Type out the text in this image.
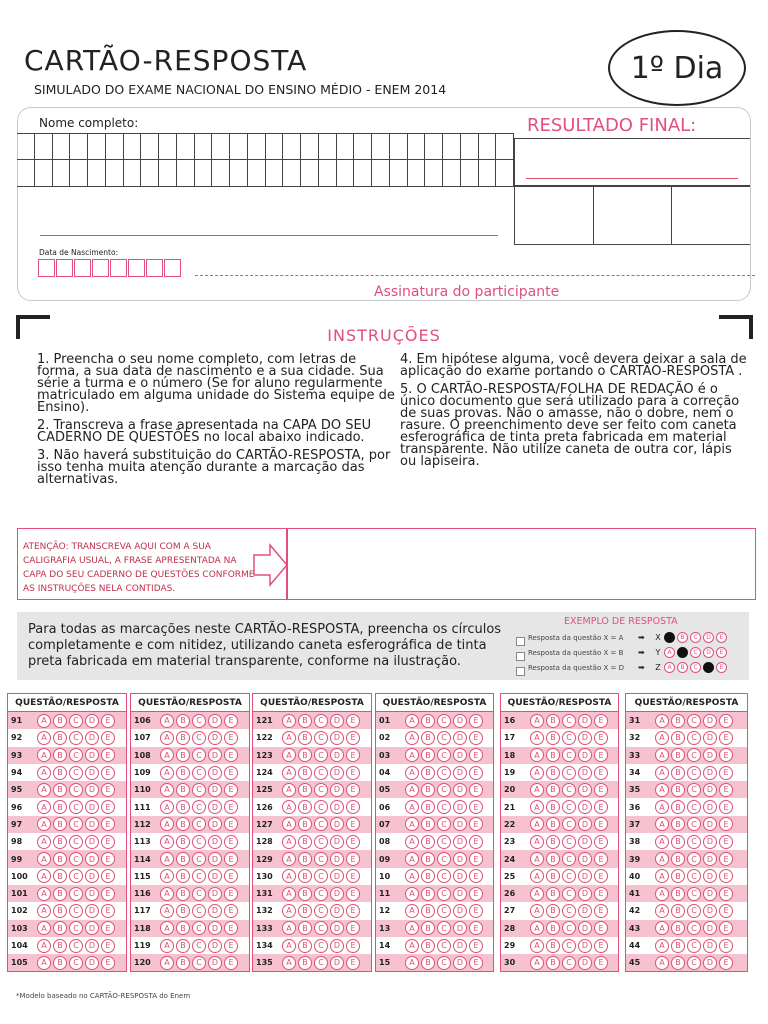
CARTÃO-RESPOSTA
SIMULADO DO EXAME NACIONAL DO ENSINO MÉDIO - ENEM 2014
1º Dia
Nome completo:
Data de Nascimento:
Assinatura do participante
RESULTADO FINAL:
INSTRUÇÕES

1. Preencha o seu nome completo, com letras de forma, a sua data de nascimento e a sua cidade. Sua série a turma e o número (Se for aluno regularmente matriculado em alguma unidade do Sistema equipe de Ensino).

2. Transcreva a frase apresentada na CAPA DO SEU CADERNO DE QUESTÕES no local abaixo indicado.

3. Não haverá substituição do CARTÃO-RESPOSTA, por isso tenha muita atenção durante a marcação das alternativas.

4. Em hipótese alguma, você devera deixar a sala de aplicação do exame portando o CARTÃO-RESPOSTA .

5. O CARTÃO-RESPOSTA/FOLHA DE REDAÇÃO é o único documento que será utilizado para a correção de suas provas. Não o amasse, não o dobre, nem o rasure. O preenchimento deve ser feito com caneta esferográfica de tinta preta fabricada em material transparente. Não utilize caneta de outra cor, lápis ou lapiseira.

ATENÇÃO: TRANSCREVA AQUI COM A SUA CALIGRAFIA USUAL, A FRASE APRESENTADA NA CAPA DO SEU CADERNO DE QUESTÕES CONFORME AS INSTRUÇÕES NELA CONTIDAS.
Para todas as marcações neste CARTÃO-RESPOSTA, preencha os círculos completamente e com nitidez, utilizando caneta esferográfica de tinta preta fabricada em material transparente, conforme na ilustração.
EXEMPLO DE RESPOSTA
Resposta da questão X = A	➡	X	A	B	C	D	E
Resposta da questão X = B	➡	Y	A	B	C	D	E
Resposta da questão X = D	➡	Z	A	B	C	D	E
QUESTÃO/RESPOSTA
91	A	B	C	D	E
92	A	B	C	D	E
93	A	B	C	D	E
94	A	B	C	D	E
95	A	B	C	D	E
96	A	B	C	D	E
97	A	B	C	D	E
98	A	B	C	D	E
99	A	B	C	D	E
100	A	B	C	D	E
101	A	B	C	D	E
102	A	B	C	D	E
103	A	B	C	D	E
104	A	B	C	D	E
105	A	B	C	D	E
QUESTÃO/RESPOSTA
106	A	B	C	D	E
107	A	B	C	D	E
108	A	B	C	D	E
109	A	B	C	D	E
110	A	B	C	D	E
111	A	B	C	D	E
112	A	B	C	D	E
113	A	B	C	D	E
114	A	B	C	D	E
115	A	B	C	D	E
116	A	B	C	D	E
117	A	B	C	D	E
118	A	B	C	D	E
119	A	B	C	D	E
120	A	B	C	D	E
QUESTÃO/RESPOSTA
121	A	B	C	D	E
122	A	B	C	D	E
123	A	B	C	D	E
124	A	B	C	D	E
125	A	B	C	D	E
126	A	B	C	D	E
127	A	B	C	D	E
128	A	B	C	D	E
129	A	B	C	D	E
130	A	B	C	D	E
131	A	B	C	D	E
132	A	B	C	D	E
133	A	B	C	D	E
134	A	B	C	D	E
135	A	B	C	D	E
QUESTÃO/RESPOSTA
01	A	B	C	D	E
02	A	B	C	D	E
03	A	B	C	D	E
04	A	B	C	D	E
05	A	B	C	D	E
06	A	B	C	D	E
07	A	B	C	D	E
08	A	B	C	D	E
09	A	B	C	D	E
10	A	B	C	D	E
11	A	B	C	D	E
12	A	B	C	D	E
13	A	B	C	D	E
14	A	B	C	D	E
15	A	B	C	D	E
QUESTÃO/RESPOSTA
16	A	B	C	D	E
17	A	B	C	D	E
18	A	B	C	D	E
19	A	B	C	D	E
20	A	B	C	D	E
21	A	B	C	D	E
22	A	B	C	D	E
23	A	B	C	D	E
24	A	B	C	D	E
25	A	B	C	D	E
26	A	B	C	D	E
27	A	B	C	D	E
28	A	B	C	D	E
29	A	B	C	D	E
30	A	B	C	D	E
QUESTÃO/RESPOSTA
31	A	B	C	D	E
32	A	B	C	D	E
33	A	B	C	D	E
34	A	B	C	D	E
35	A	B	C	D	E
36	A	B	C	D	E
37	A	B	C	D	E
38	A	B	C	D	E
39	A	B	C	D	E
40	A	B	C	D	E
41	A	B	C	D	E
42	A	B	C	D	E
43	A	B	C	D	E
44	A	B	C	D	E
45	A	B	C	D	E
*Modelo baseado no CARTÃO-RESPOSTA do Enem
